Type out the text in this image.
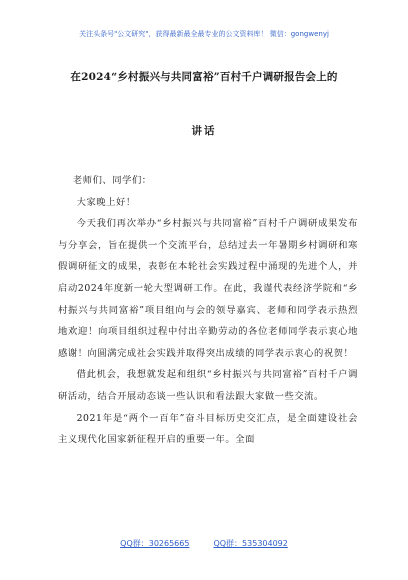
关注头条号"公文研究"，获得最新最全最专业的公文资料库！ 微信：gongwenyj
在2024“乡村振兴与共同富裕”百村千户调研报告会上的
讲话

老师们、同学们：

大家晚上好！

今天我们再次举办“乡村振兴与共同富裕”百村千户调研成果发布与分享会，旨在提供一个交流平台，总结过去一年暑期乡村调研和寒假调研征文的成果，表彰在本轮社会实践过程中涌现的先进个人，并启动2024年度新一轮大型调研工作。在此，我谨代表经济学院和“乡村振兴与共同富裕”项目组向与会的领导嘉宾、老师和同学表示热烈地欢迎！向项目组织过程中付出辛勤劳动的各位老师同学表示衷心地感谢！向圆满完成社会实践并取得突出成绩的同学表示衷心的祝贺！

借此机会，我想就发起和组织“乡村振兴与共同富裕”百村千户调研活动，结合开展动态谈一些认识和看法跟大家做一些交流。

2021年是“两个一百年”奋斗目标历史交汇点，是全面建设社会主义现代化国家新征程开启的重要一年。全面

QQ群：30265665	QQ群：535304092
